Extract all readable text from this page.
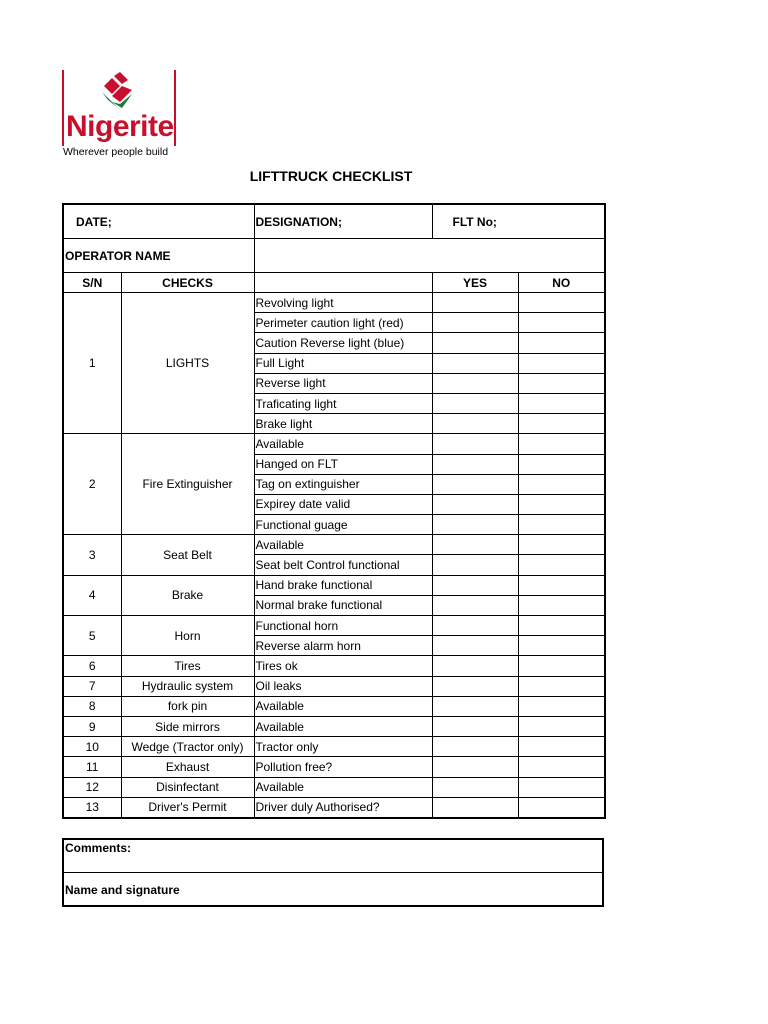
Nigerite
Wherever people build
LIFTTRUCK CHECKLIST
DATE;		DESIGNATION;	FLT No;	
OPERATOR NAME				
S/N	CHECKS		YES	NO
1	LIGHTS	Revolving light		
		Perimeter caution light (red)		
		Caution Reverse light (blue)		
		Full Light		
		Reverse light		
		Traficating light		
		Brake light		
2	Fire Extinguisher	Available		
		Hanged on FLT		
		Tag on extinguisher		
		Expirey date valid		
		Functional guage		
3	Seat Belt	Available		
		Seat belt Control functional		
4	Brake	Hand brake functional		
		Normal brake functional		
5	Horn	Functional horn		
		Reverse alarm horn		
6	Tires	Tires ok		
7	Hydraulic system	Oil leaks		
8	fork pin	Available		
9	Side mirrors	Available		
10	Wedge (Tractor only)	Tractor only		
11	Exhaust	Pollution free?		
12	Disinfectant	Available		
13	Driver's Permit	Driver duly Authorised?		
Comments:
Name and signature
